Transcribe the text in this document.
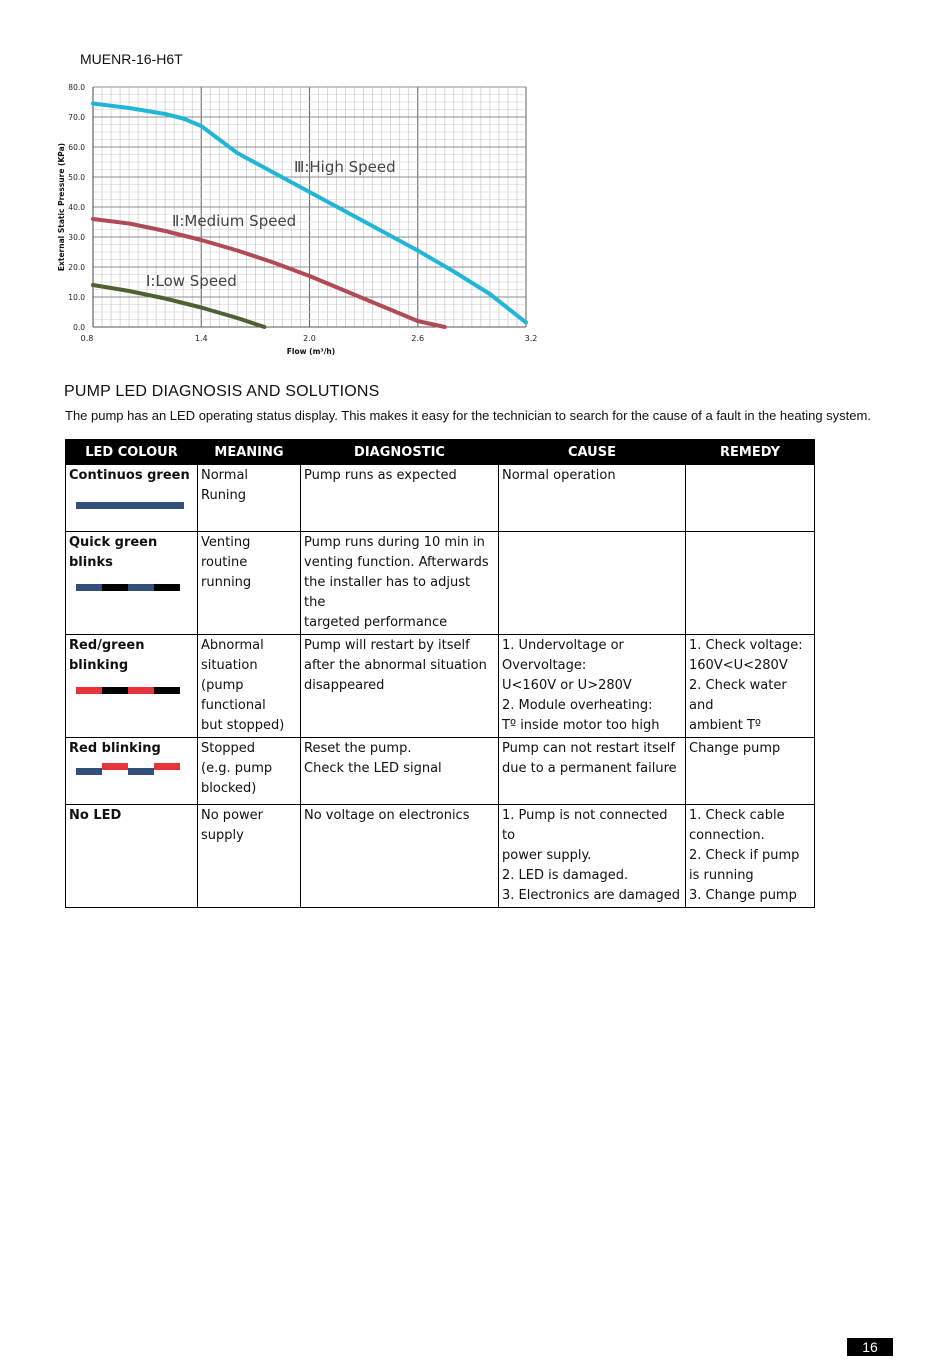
MUENR-16-H6T
0.0
10.0
20.0
30.0
40.0
50.0
60.0
70.0
80.0
0.8	1.4	2.0	2.6	3.2
Flow (m³/h)
External Static Pressure (KPa)	Ⅲ:High Speed
Ⅱ:Medium Speed
Ⅰ:Low Speed
PUMP LED DIAGNOSIS AND SOLUTIONS
The pump has an LED operating status display. This makes it easy for the technician to search for the cause of a fault in the heating system.
LED COLOUR	MEANING	DIAGNOSTIC	CAUSE	REMEDY

Continuos green	Normal Runing	Pump runs as expected	Normal operation	

Quick green blinks	Venting
routine
running	Pump runs during 10 min in
venting function. Afterwards
the installer has to adjust the
targeted performance		

Red/green blinking	Abnormal
situation
(pump
functional
but stopped)	Pump will restart by itself
after the abnormal situation
disappeared	1. Undervoltage or
Overvoltage:
U<160V or U>280V
2. Module overheating:
Tº inside motor too high	1. Check voltage:
160V<U<280V
2. Check water and
ambient Tº

Red blinking	Stopped
(e.g. pump
blocked)	Reset the pump.
Check the LED signal	Pump can not restart itself
due to a permanent failure	Change pump

No LED	No power
supply	No voltage on electronics	1. Pump is not connected to
power supply.
2. LED is damaged.
3. Electronics are damaged	1. Check cable
connection.
2. Check if pump
is running
3. Change pump
16
